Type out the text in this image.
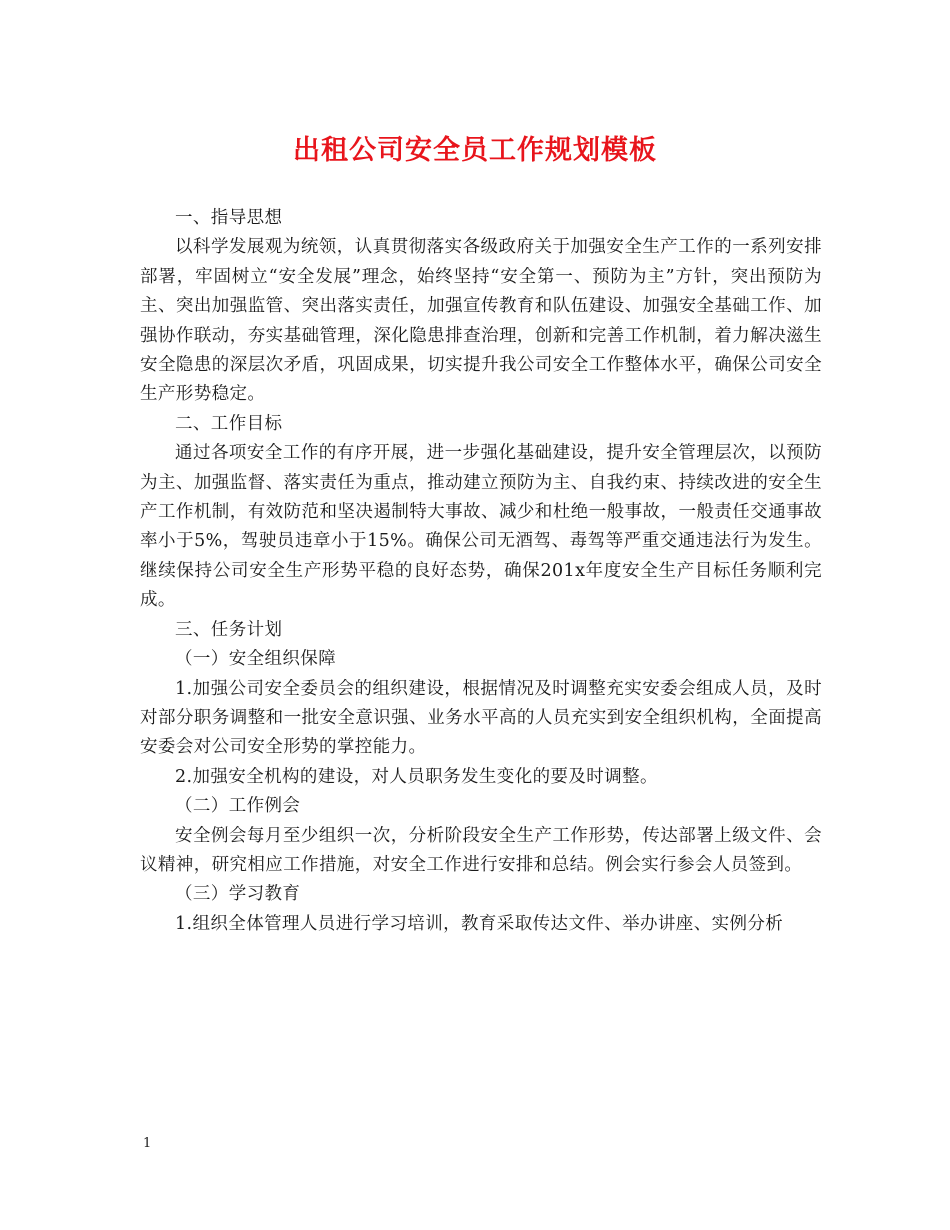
出租公司安全员工作规划模板

一、指导思想

以科学发展观为统领，认真贯彻落实各级政府关于加强安全生产工作的一系列安排部署，牢固树立“安全发展”理念，始终坚持“安全第一、预防为主”方针，突出预防为主、突出加强监管、突出落实责任，加强宣传教育和队伍建设、加强安全基础工作、加强协作联动，夯实基础管理，深化隐患排查治理，创新和完善工作机制，着力解决滋生安全隐患的深层次矛盾，巩固成果，切实提升我公司安全工作整体水平，确保公司安全生产形势稳定。

二、工作目标

通过各项安全工作的有序开展，进一步强化基础建设，提升安全管理层次，以预防为主、加强监督、落实责任为重点，推动建立预防为主、自我约束、持续改进的安全生产工作机制，有效防范和坚决遏制特大事故、减少和杜绝一般事故，一般责任交通事故率小于5%，驾驶员违章小于15%。确保公司无酒驾、毒驾等严重交通违法行为发生。继续保持公司安全生产形势平稳的良好态势，确保201x年度安全生产目标任务顺利完成。

三、任务计划

（一）安全组织保障

1.加强公司安全委员会的组织建设，根据情况及时调整充实安委会组成人员，及时对部分职务调整和一批安全意识强、业务水平高的人员充实到安全组织机构，全面提高安委会对公司安全形势的掌控能力。

2.加强安全机构的建设，对人员职务发生变化的要及时调整。

（二）工作例会

安全例会每月至少组织一次，分析阶段安全生产工作形势，传达部署上级文件、会议精神，研究相应工作措施，对安全工作进行安排和总结。例会实行参会人员签到。

（三）学习教育

1.组织全体管理人员进行学习培训，教育采取传达文件、举办讲座、实例分析

1
